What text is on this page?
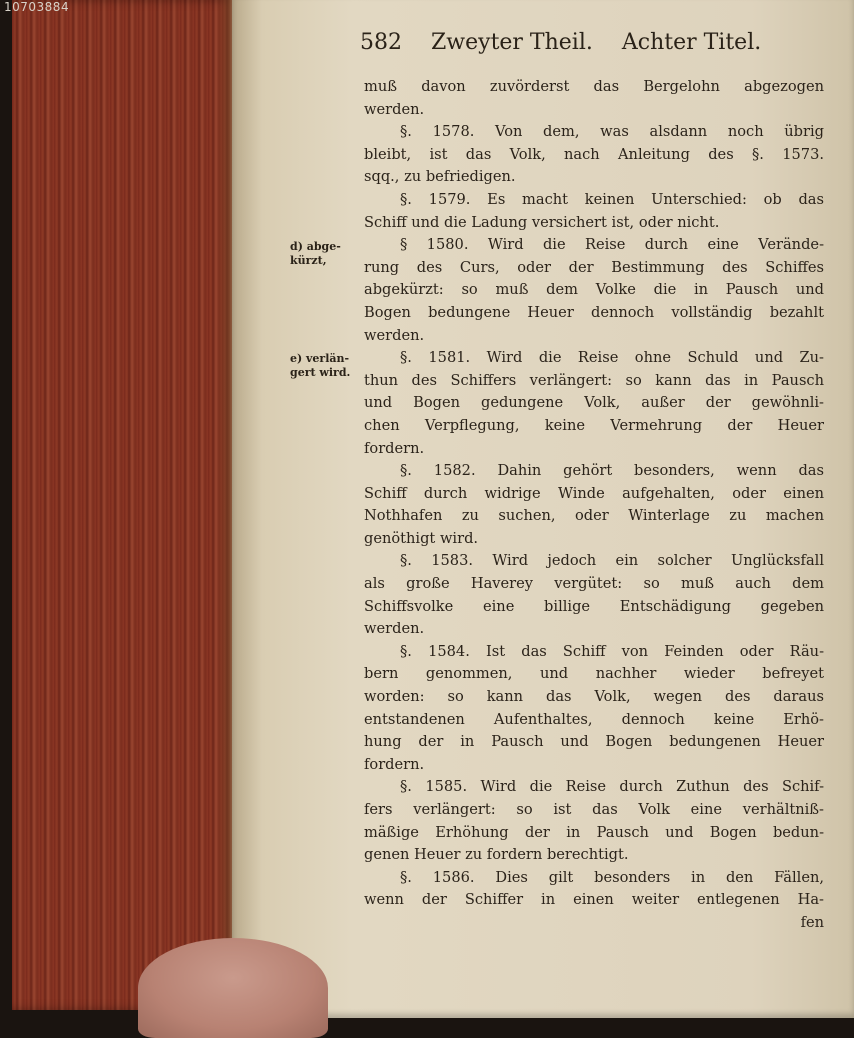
10703884
582 Zweyter Theil. Achter Titel.
d) abge-
kürzt,
e) verlän-
gert wird.
muß davon zuvörderst das Bergelohn abgezogen
werden.
§. 1578. Von dem, was alsdann noch übrig
bleibt, ist das Volk, nach Anleitung des §. 1573.
sqq., zu befriedigen.
§. 1579. Es macht keinen Unterschied: ob das
Schiff und die Ladung versichert ist, oder nicht.
§ 1580. Wird die Reise durch eine Verände-
rung des Curs, oder der Bestimmung des Schiffes
abgekürzt: so muß dem Volke die in Pausch und
Bogen bedungene Heuer dennoch vollständig bezahlt
werden.
§. 1581. Wird die Reise ohne Schuld und Zu-
thun des Schiffers verlängert: so kann das in Pausch
und Bogen gedungene Volk, außer der gewöhnli-
chen Verpflegung, keine Vermehrung der Heuer
fordern.
§. 1582. Dahin gehört besonders, wenn das
Schiff durch widrige Winde aufgehalten, oder einen
Nothhafen zu suchen, oder Winterlage zu machen
genöthigt wird.
§. 1583. Wird jedoch ein solcher Unglücksfall
als große Haverey vergütet: so muß auch dem
Schiffsvolke eine billige Entschädigung gegeben
werden.
§. 1584. Ist das Schiff von Feinden oder Räu-
bern genommen, und nachher wieder befreyet
worden: so kann das Volk, wegen des daraus
entstandenen Aufenthaltes, dennoch keine Erhö-
hung der in Pausch und Bogen bedungenen Heuer
fordern.
§. 1585. Wird die Reise durch Zuthun des Schif-
fers verlängert: so ist das Volk eine verhältniß-
mäßige Erhöhung der in Pausch und Bogen bedun-
genen Heuer zu fordern berechtigt.
§. 1586. Dies gilt besonders in den Fällen,
wenn der Schiffer in einen weiter entlegenen Ha-
fen
